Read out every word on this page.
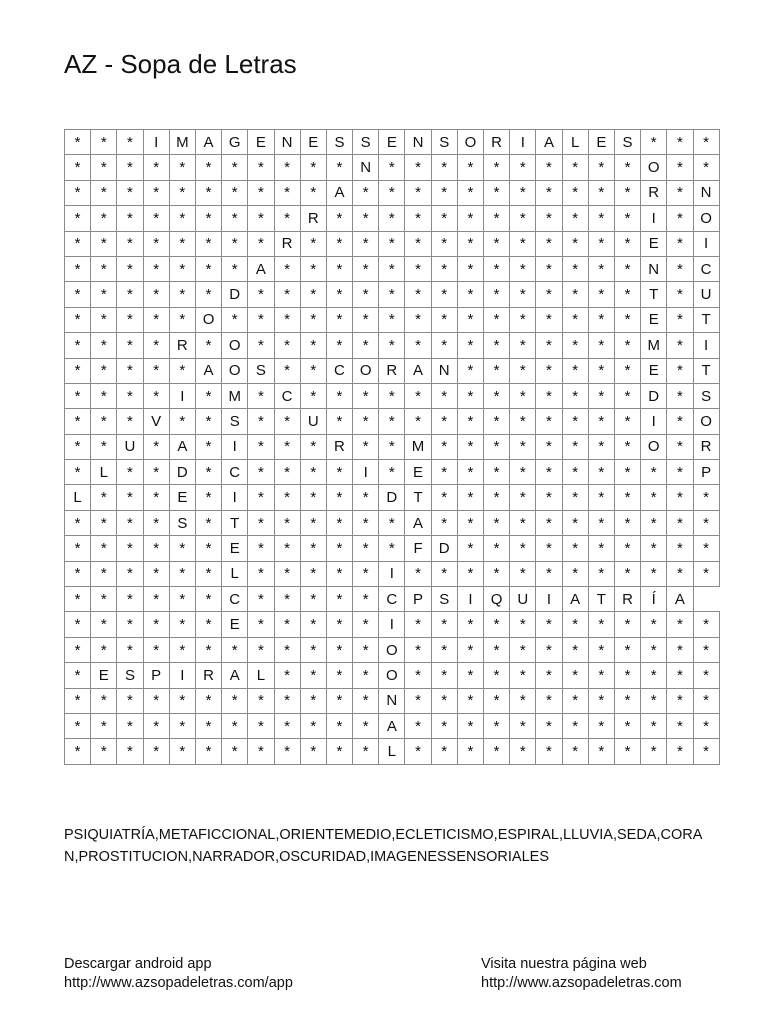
AZ - Sopa de Letras
*	*	*	I	M	A	G	E	N	E	S	S	E	N	S	O	R	I	A	L	E	S	*	*	*
*	*	*	*	*	*	*	*	*	*	*	N	*	*	*	*	*	*	*	*	*	*	O	*	*
*	*	*	*	*	*	*	*	*	*	A	*	*	*	*	*	*	*	*	*	*	*	R	*	N
*	*	*	*	*	*	*	*	*	R	*	*	*	*	*	*	*	*	*	*	*	*	I	*	O
*	*	*	*	*	*	*	*	R	*	*	*	*	*	*	*	*	*	*	*	*	*	E	*	I
*	*	*	*	*	*	*	A	*	*	*	*	*	*	*	*	*	*	*	*	*	*	N	*	C
*	*	*	*	*	*	D	*	*	*	*	*	*	*	*	*	*	*	*	*	*	*	T	*	U
*	*	*	*	*	O	*	*	*	*	*	*	*	*	*	*	*	*	*	*	*	*	E	*	T
*	*	*	*	R	*	O	*	*	*	*	*	*	*	*	*	*	*	*	*	*	*	M	*	I
*	*	*	*	*	A	O	S	*	*	C	O	R	A	N	*	*	*	*	*	*	*	E	*	T
*	*	*	*	I	*	M	*	C	*	*	*	*	*	*	*	*	*	*	*	*	*	D	*	S
*	*	*	V	*	*	S	*	*	U	*	*	*	*	*	*	*	*	*	*	*	*	I	*	O
*	*	U	*	A	*	I	*	*	*	R	*	*	M	*	*	*	*	*	*	*	*	O	*	R
*	L	*	*	D	*	C	*	*	*	*	I	*	E	*	*	*	*	*	*	*	*	*	*	P
L	*	*	*	E	*	I	*	*	*	*	*	D	T	*	*	*	*	*	*	*	*	*	*	*
*	*	*	*	S	*	T	*	*	*	*	*	*	A	*	*	*	*	*	*	*	*	*	*	*
*	*	*	*	*	*	E	*	*	*	*	*	*	F	D	*	*	*	*	*	*	*	*	*	*
*	*	*	*	*	*	L	*	*	*	*	*	I	*	*	*	*	*	*	*	*	*	*	*	*
*	*	*	*	*	*	C	*	*	*	*	*	C	P	S	I	Q	U	I	A	T	R	Í	A	
*	*	*	*	*	*	E	*	*	*	*	*	I	*	*	*	*	*	*	*	*	*	*	*	*
*	*	*	*	*	*	*	*	*	*	*	*	O	*	*	*	*	*	*	*	*	*	*	*	*
*	E	S	P	I	R	A	L	*	*	*	*	O	*	*	*	*	*	*	*	*	*	*	*	*
*	*	*	*	*	*	*	*	*	*	*	*	N	*	*	*	*	*	*	*	*	*	*	*	*
*	*	*	*	*	*	*	*	*	*	*	*	A	*	*	*	*	*	*	*	*	*	*	*	*
*	*	*	*	*	*	*	*	*	*	*	*	L	*	*	*	*	*	*	*	*	*	*	*	*

PSIQUIATRÍA,METAFICCIONAL,ORIENTEMEDIO,ECLETICISMO,ESPIRAL,LLUVIA,SEDA,CORAN,PROSTITUCION,NARRADOR,OSCURIDAD,IMAGENESSENSORIALES

Descargar android app
http://www.azsopadeletras.com/app
Visita nuestra página web
http://www.azsopadeletras.com
